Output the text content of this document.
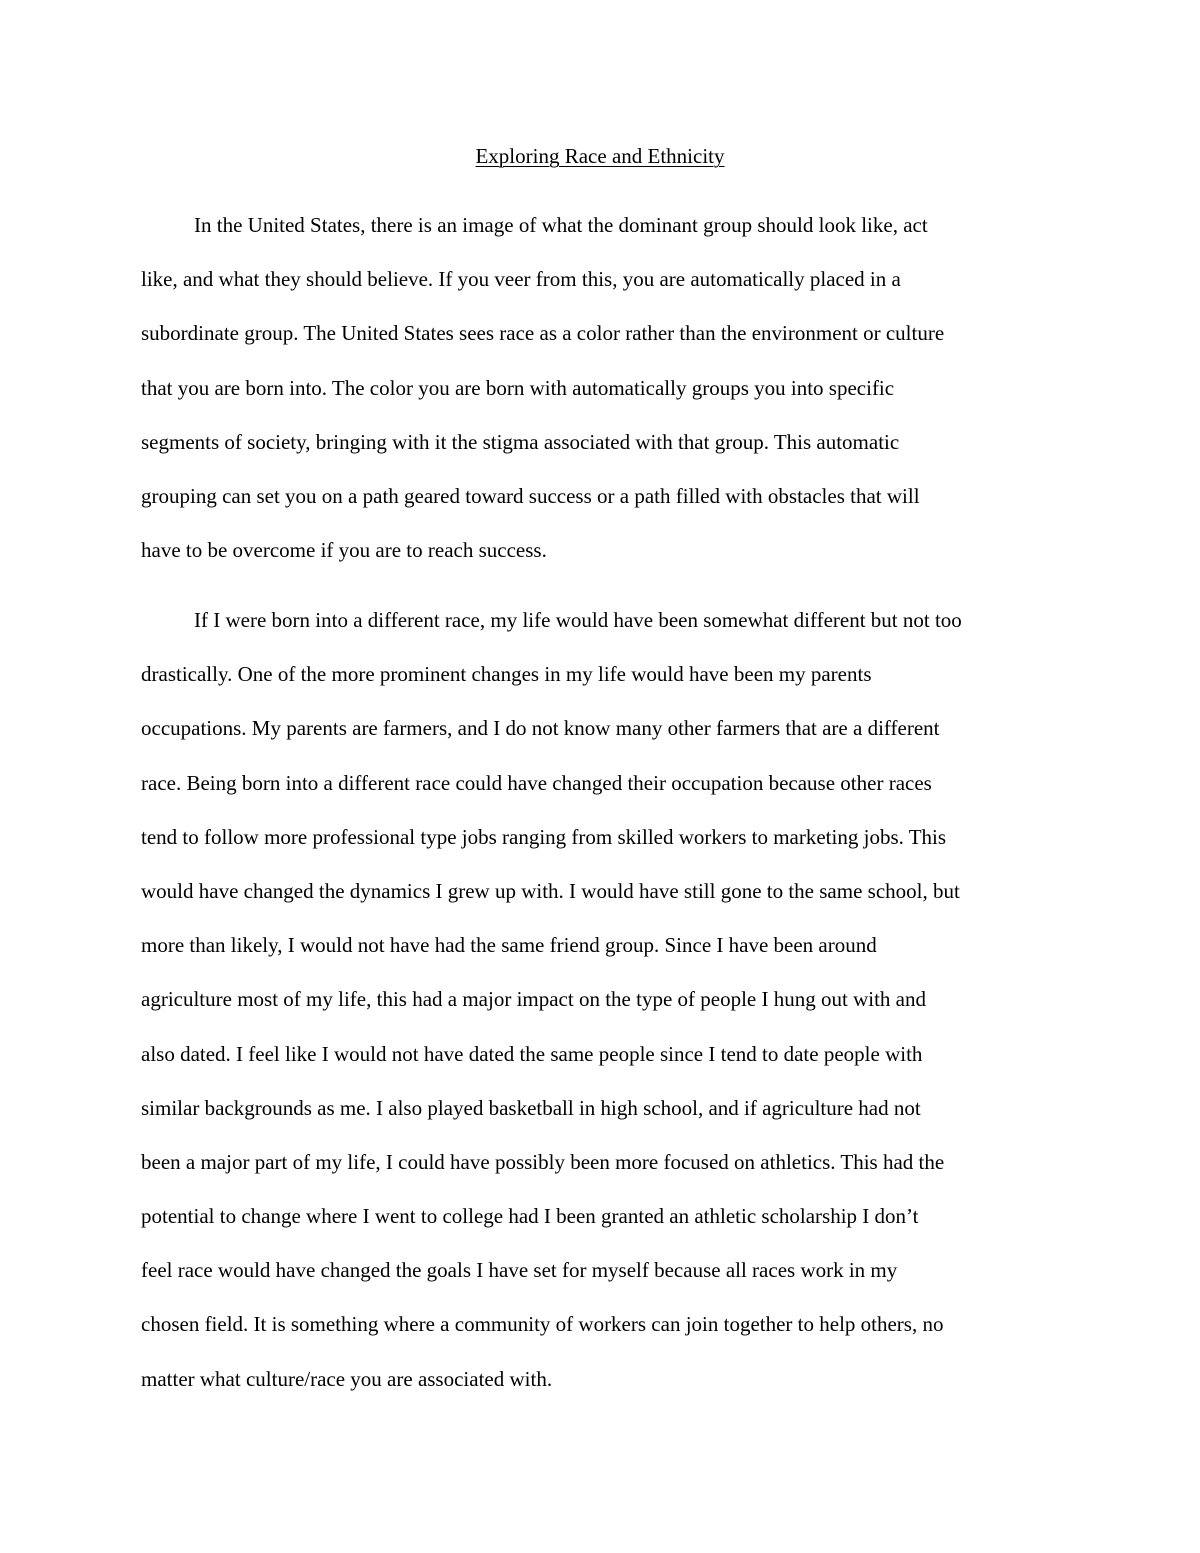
Exploring Race and Ethnicity

In the United States, there is an image of what the dominant group should look like, act
like, and what they should believe. If you veer from this, you are automatically placed in a
subordinate group. The United States sees race as a color rather than the environment or culture
that you are born into. The color you are born with automatically groups you into specific
segments of society, bringing with it the stigma associated with that group. This automatic
grouping can set you on a path geared toward success or a path filled with obstacles that will
have to be overcome if you are to reach success.

If I were born into a different race, my life would have been somewhat different but not too
drastically. One of the more prominent changes in my life would have been my parents
occupations. My parents are farmers, and I do not know many other farmers that are a different
race. Being born into a different race could have changed their occupation because other races
tend to follow more professional type jobs ranging from skilled workers to marketing jobs. This
would have changed the dynamics I grew up with. I would have still gone to the same school, but
more than likely, I would not have had the same friend group. Since I have been around
agriculture most of my life, this had a major impact on the type of people I hung out with and
also dated. I feel like I would not have dated the same people since I tend to date people with
similar backgrounds as me. I also played basketball in high school, and if agriculture had not
been a major part of my life, I could have possibly been more focused on athletics. This had the
potential to change where I went to college had I been granted an athletic scholarship I don’t
feel race would have changed the goals I have set for myself because all races work in my
chosen field. It is something where a community of workers can join together to help others, no
matter what culture/race you are associated with.
